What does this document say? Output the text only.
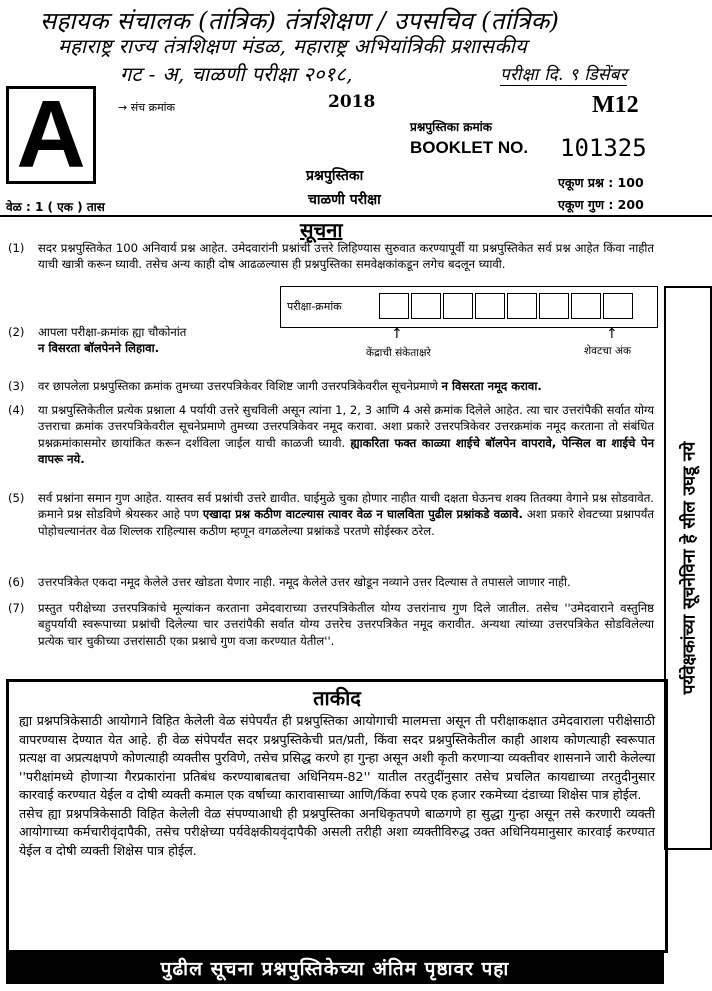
सहायक संचालक (तांत्रिक) तंत्रशिक्षण / उपसचिव (तांत्रिक)
महाराष्ट्र राज्य तंत्रशिक्षण मंडळ, महाराष्ट्र अभियांत्रिकी प्रशासकीय
गट - अ, चाळणी परीक्षा २०१८,	परीक्षा दि. ९ डिसेंबर
A	→ संच क्रमांक	2018	M12
प्रश्नपुस्तिका क्रमांक
BOOKLET NO. 101325
प्रश्नपुस्तिका
चाळणी परीक्षा
वेळ : 1 ( एक ) तास
एकूण प्रश्न : 100
एकूण गुण : 200
सूचना
(1) सदर प्रश्नपुस्तिकेत 100 अनिवार्य प्रश्न आहेत. उमेदवारांनी प्रश्नांची उत्तरे लिहिण्यास सुरुवात करण्यापूर्वी या प्रश्नपुस्तिकेत सर्व प्रश्न आहेत किंवा नाहीत याची खात्री करून घ्यावी. तसेच अन्य काही दोष आढळल्यास ही प्रश्नपुस्तिका समवेक्षकांकडून लगेच बदलून घ्यावी.
(2) आपला परीक्षा-क्रमांक ह्या चौकोनांत
न विसरता बॉलपेनने लिहावा.
(3) वर छापलेला प्रश्नपुस्तिका क्रमांक तुमच्या उत्तरपत्रिकेवर विशिष्ट जागी उत्तरपत्रिकेवरील सूचनेप्रमाणे न विसरता नमूद करावा.
(4) या प्रश्नपुस्तिकेतील प्रत्येक प्रश्नाला 4 पर्यायी उत्तरे सुचविली असून त्यांना 1, 2, 3 आणि 4 असे क्रमांक दिलेले आहेत. त्या चार उत्तरांपैकी सर्वात योग्य उत्तराचा क्रमांक उत्तरपत्रिकेवरील सूचनेप्रमाणे तुमच्या उत्तरपत्रिकेवर नमूद करावा. अशा प्रकारे उत्तरपत्रिकेवर उत्तरक्रमांक नमूद करताना तो संबंधित प्रश्नक्रमांकासमोर छायांकित करून दर्शविला जाईल याची काळजी घ्यावी. ह्याकरिता फक्त काळ्या शाईचे बॉलपेन वापरावे, पेन्सिल वा शाईचे पेन वापरू नये.
(5) सर्व प्रश्नांना समान गुण आहेत. यास्तव सर्व प्रश्नांची उत्तरे द्यावीत. घाईमुळे चुका होणार नाहीत याची दक्षता घेऊनच शक्य तितक्या वेगाने प्रश्न सोडवावेत. क्रमाने प्रश्न सोडविणे श्रेयस्कर आहे पण एखादा प्रश्न कठीण वाटल्यास त्यावर वेळ न घालविता पुढील प्रश्नांकडे वळावे. अशा प्रकारे शेवटच्या प्रश्नापर्यंत पोहोचल्यानंतर वेळ शिल्लक राहिल्यास कठीण म्हणून वगळलेल्या प्रश्नांकडे परतणे सोईस्कर ठरेल.
(6) उत्तरपत्रिकेत एकदा नमूद केलेले उत्तर खोडता येणार नाही. नमूद केलेले उत्तर खोडून नव्याने उत्तर दिल्यास ते तपासले जाणार नाही.
(7) प्रस्तुत परीक्षेच्या उत्तरपत्रिकांचे मूल्यांकन करताना उमेदवाराच्या उत्तरपत्रिकेतील योग्य उत्तरांनाच गुण दिले जातील. तसेच ''उमेदवाराने वस्तुनिष्ठ बहुपर्यायी स्वरूपाच्या प्रश्नांची दिलेल्या चार उत्तरांपैकी सर्वात योग्य उत्तरेच उत्तरपत्रिकेत नमूद करावीत. अन्यथा त्यांच्या उत्तरपत्रिकेत सोडविलेल्या प्रत्येक चार चुकीच्या उत्तरांसाठी एका प्रश्नाचे गुण वजा करण्यात येतील''.
परीक्षा-क्रमांक
↑	↑
केंद्राची संकेताक्षरे	शेवटचा अंक
पर्यवेक्षकांच्या सूचनेविना हे सील उघडू नये
ताकीद
ह्या प्रश्नपत्रिकेसाठी आयोगाने विहित केलेली वेळ संपेपर्यंत ही प्रश्नपुस्तिका आयोगाची मालमत्ता असून ती परीक्षाकक्षात उमेदवाराला परीक्षेसाठी वापरण्यास देण्यात येत आहे. ही वेळ संपेपर्यंत सदर प्रश्नपुस्तिकेची प्रत/प्रती, किंवा सदर प्रश्नपुस्तिकेतील काही आशय कोणत्याही स्वरूपात प्रत्यक्ष वा अप्रत्यक्षपणे कोणत्याही व्यक्तीस पुरविणे, तसेच प्रसिद्ध करणे हा गुन्हा असून अशी कृती करणाऱ्या व्यक्तीवर शासनाने जारी केलेल्या ''परीक्षांमध्ये होणाऱ्या गैरप्रकारांना प्रतिबंध करण्याबाबतचा अधिनियम-82'' यातील तरतुदींनुसार तसेच प्रचलित कायद्याच्या तरतुदीनुसार कारवाई करण्यात येईल व दोषी व्यक्ती कमाल एक वर्षाच्या कारावासाच्या आणि/किंवा रुपये एक हजार रकमेच्या दंडाच्या शिक्षेस पात्र होईल.
तसेच ह्या प्रश्नपत्रिकेसाठी विहित केलेली वेळ संपण्याआधी ही प्रश्नपुस्तिका अनधिकृतपणे बाळगणे हा सुद्धा गुन्हा असून तसे करणारी व्यक्ती आयोगाच्या कर्मचारीवृंदापैकी, तसेच परीक्षेच्या पर्यवेक्षकीयवृंदापैकी असली तरीही अशा व्यक्तीविरुद्ध उक्त अधिनियमानुसार कारवाई करण्यात येईल व दोषी व्यक्ती शिक्षेस पात्र होईल.
पुढील सूचना प्रश्नपुस्तिकेच्या अंतिम पृष्ठावर पहा
